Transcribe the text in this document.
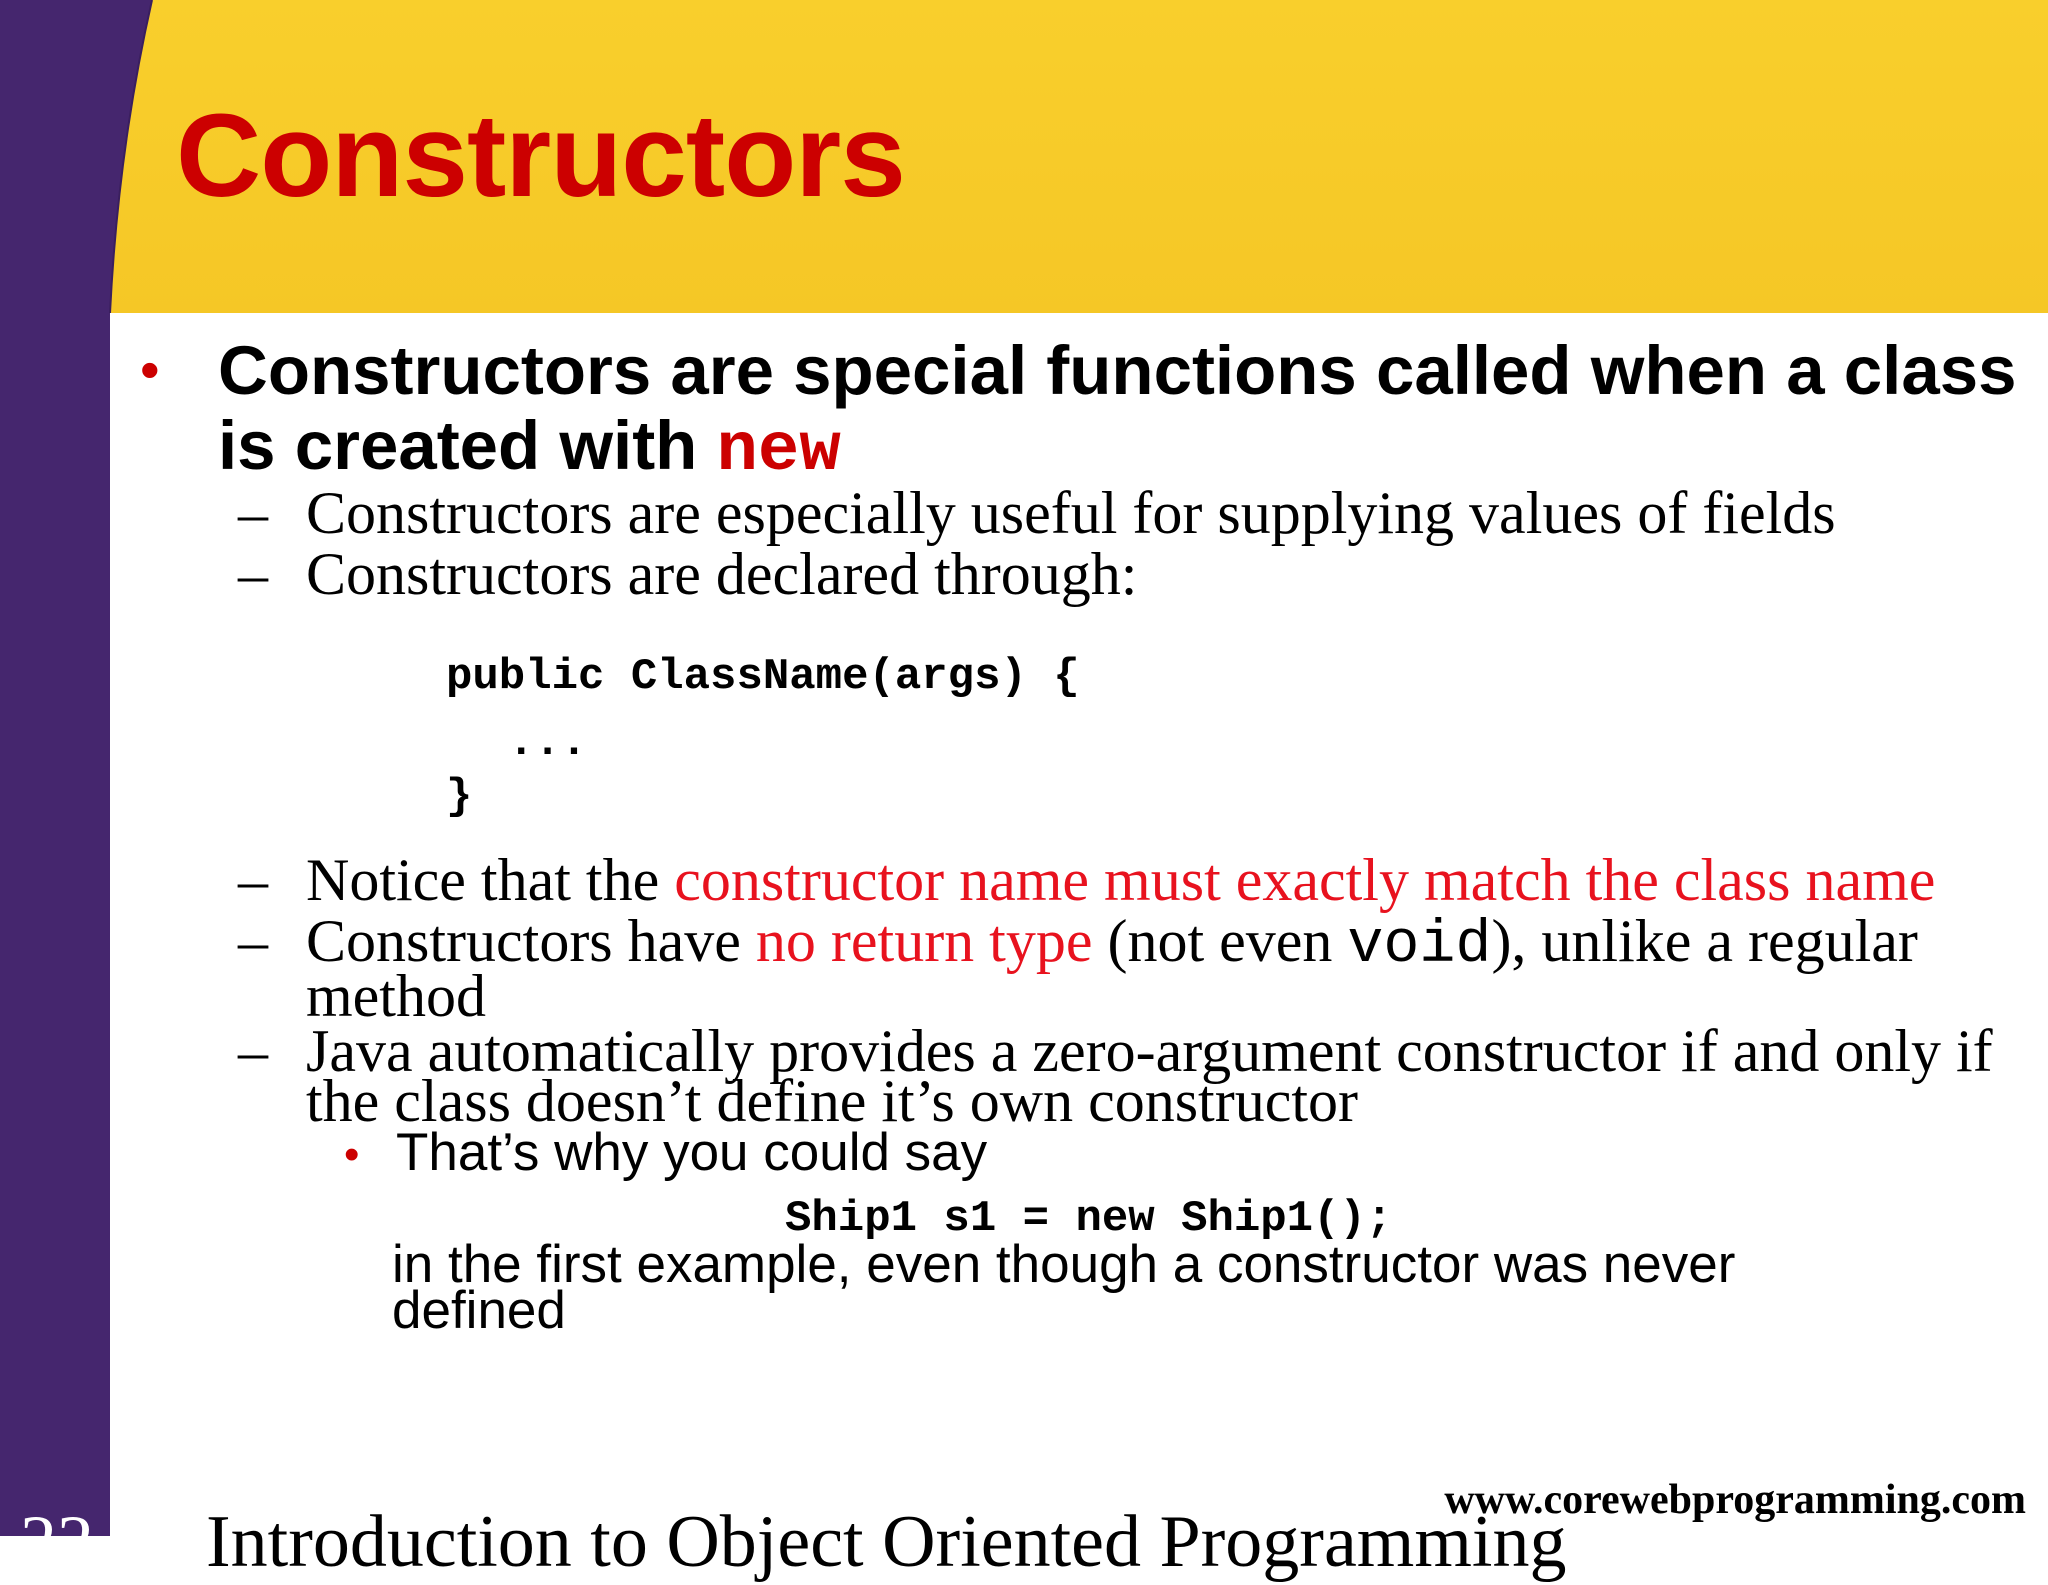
Constructors
• Constructors are special functions called when a class is created with new
– Constructors are especially useful for supplying values of fields
– Constructors are declared through:
public ClassName(args) {
...
}
– Notice that the constructor name must exactly match the class name
– Constructors have no return type (not even void), unlike a regular method
– Java automatically provides a zero-argument constructor if and only if the class doesn’t define it’s own constructor
• That’s why you could say
Ship1 s1 = new Ship1();
in the first example, even though a constructor was never defined
22 Introduction to Object Oriented Programming
www.corewebprogramming.com
